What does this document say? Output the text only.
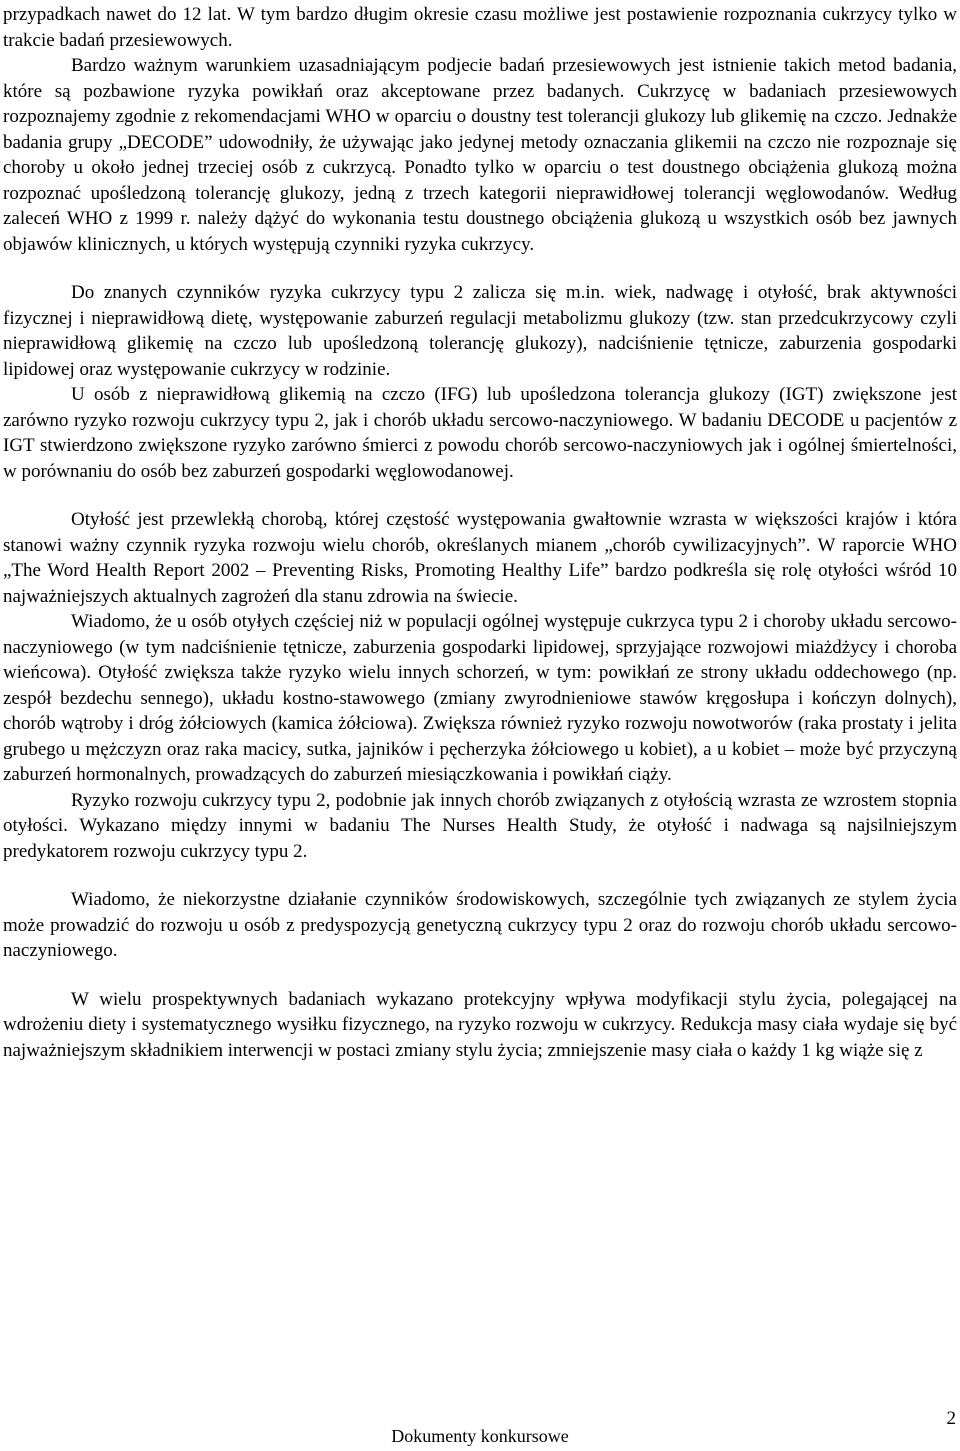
przypadkach nawet do 12 lat. W tym bardzo długim okresie czasu możliwe jest postawienie rozpoznania cukrzycy tylko w trakcie badań przesiewowych.

Bardzo ważnym warunkiem uzasadniającym podjecie badań przesiewowych jest istnienie takich metod badania, które są pozbawione ryzyka powikłań oraz akceptowane przez badanych. Cukrzycę w badaniach przesiewowych rozpoznajemy zgodnie z rekomendacjami WHO w oparciu o doustny test tolerancji glukozy lub glikemię na czczo. Jednakże badania grupy „DECODE” udowodniły, że używając jako jedynej metody oznaczania glikemii na czczo nie rozpoznaje się choroby u około jednej trzeciej osób z cukrzycą. Ponadto tylko w oparciu o test doustnego obciążenia glukozą można rozpoznać upośledzoną tolerancję glukozy, jedną z trzech kategorii nieprawidłowej tolerancji węglowodanów. Według zaleceń WHO z 1999 r. należy dążyć do wykonania testu doustnego obciążenia glukozą u wszystkich osób bez jawnych objawów klinicznych, u których występują czynniki ryzyka cukrzycy.

Do znanych czynników ryzyka cukrzycy typu 2 zalicza się m.in. wiek, nadwagę i otyłość, brak aktywności fizycznej i nieprawidłową dietę, występowanie zaburzeń regulacji metabolizmu glukozy (tzw. stan przedcukrzycowy czyli nieprawidłową glikemię na czczo lub upośledzoną tolerancję glukozy), nadciśnienie tętnicze, zaburzenia gospodarki lipidowej oraz występowanie cukrzycy w rodzinie.

U osób z nieprawidłową glikemią na czczo (IFG) lub upośledzona tolerancja glukozy (IGT) zwiększone jest zarówno ryzyko rozwoju cukrzycy typu 2, jak i chorób układu sercowo-naczyniowego. W badaniu DECODE u pacjentów z IGT stwierdzono zwiększone ryzyko zarówno śmierci z powodu chorób sercowo-naczyniowych jak i ogólnej śmiertelności, w porównaniu do osób bez zaburzeń gospodarki węglowodanowej.

Otyłość jest przewlekłą chorobą, której częstość występowania gwałtownie wzrasta w większości krajów i która stanowi ważny czynnik ryzyka rozwoju wielu chorób, określanych mianem „chorób cywilizacyjnych”. W raporcie WHO „The Word Health Report 2002 – Preventing Risks, Promoting Healthy Life” bardzo podkreśla się rolę otyłości wśród 10 najważniejszych aktualnych zagrożeń dla stanu zdrowia na świecie.

Wiadomo, że u osób otyłych częściej niż w populacji ogólnej występuje cukrzyca typu 2 i choroby układu sercowo-naczyniowego (w tym nadciśnienie tętnicze, zaburzenia gospodarki lipidowej, sprzyjające rozwojowi miażdżycy i choroba wieńcowa). Otyłość zwiększa także ryzyko wielu innych schorzeń, w tym: powikłań ze strony układu oddechowego (np. zespół bezdechu sennego), układu kostno-stawowego (zmiany zwyrodnieniowe stawów kręgosłupa i kończyn dolnych), chorób wątroby i dróg żółciowych (kamica żółciowa). Zwiększa również ryzyko rozwoju nowotworów (raka prostaty i jelita grubego u mężczyzn oraz raka macicy, sutka, jajników i pęcherzyka żółciowego u kobiet), a u kobiet – może być przyczyną zaburzeń hormonalnych, prowadzących do zaburzeń miesiączkowania i powikłań ciąży.

Ryzyko rozwoju cukrzycy typu 2, podobnie jak innych chorób związanych z otyłością wzrasta ze wzrostem stopnia otyłości. Wykazano między innymi w badaniu The Nurses Health Study, że otyłość i nadwaga są najsilniejszym predykatorem rozwoju cukrzycy typu 2.

Wiadomo, że niekorzystne działanie czynników środowiskowych, szczególnie tych związanych ze stylem życia może prowadzić do rozwoju u osób z predyspozycją genetyczną cukrzycy typu 2 oraz do rozwoju chorób układu sercowo-naczyniowego.

W wielu prospektywnych badaniach wykazano protekcyjny wpływa modyfikacji stylu życia, polegającej na wdrożeniu diety i systematycznego wysiłku fizycznego, na ryzyko rozwoju w cukrzycy. Redukcja masy ciała wydaje się być najważniejszym składnikiem interwencji w postaci zmiany stylu życia; zmniejszenie masy ciała o każdy 1 kg wiąże się z

2
Dokumenty konkursowe
